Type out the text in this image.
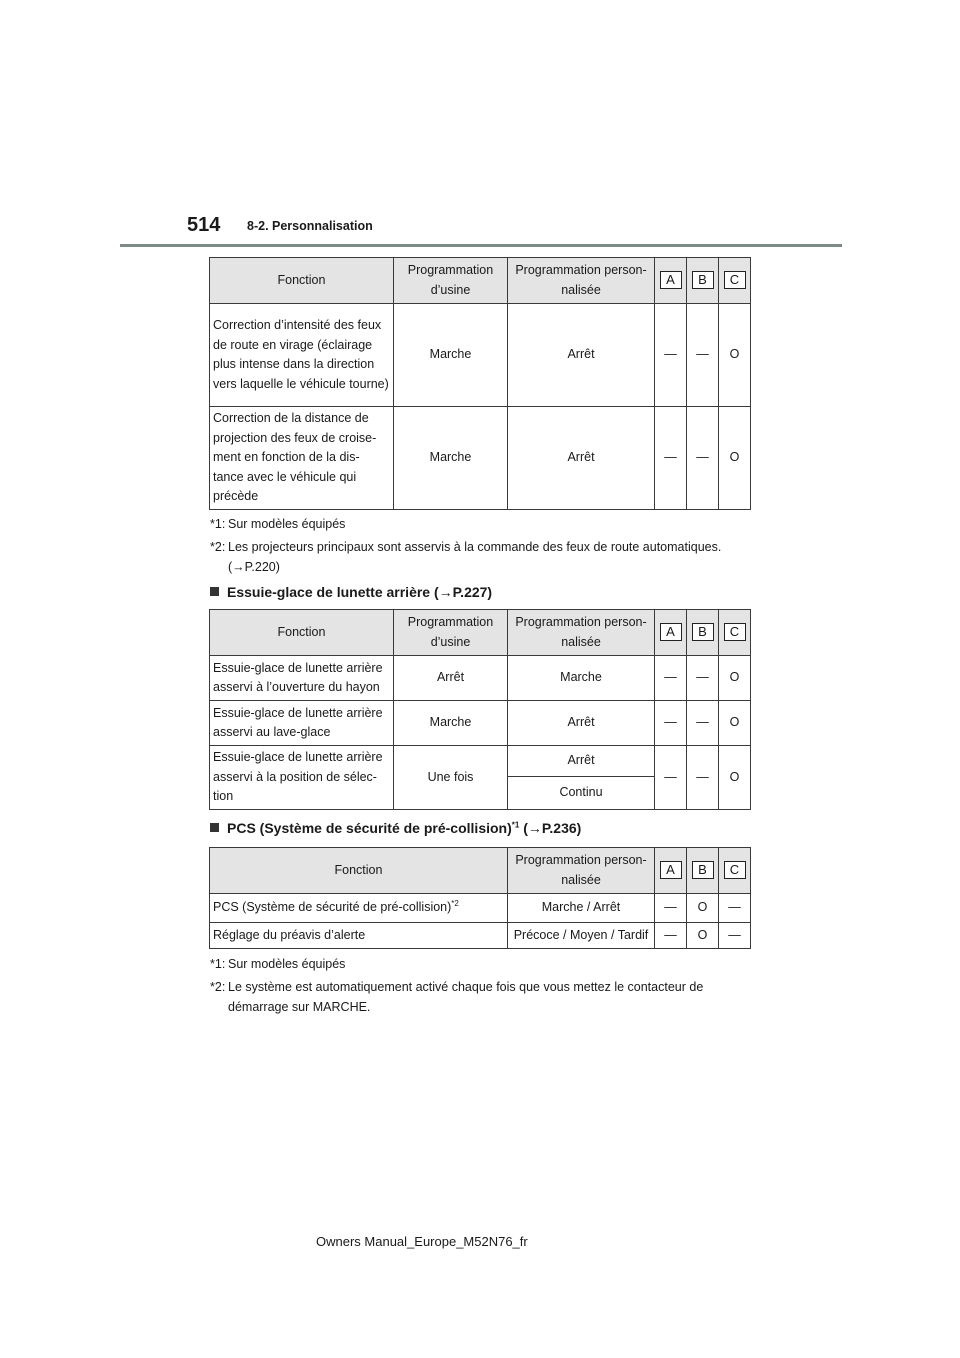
514 8-2. Personnalisation
Fonction	Programmation d’usine	Programmation person- nalisée	A	B	C
Correction d’intensité des feux de route en virage (éclairage plus intense dans la direction vers laquelle le véhicule tourne)	Marche	Arrêt	—	—	O
Correction de la distance de projection des feux de croise- ment en fonction de la dis- tance avec le véhicule qui précède	Marche	Arrêt	—	—	O
*1: Sur modèles équipés
*2: Les projecteurs principaux sont asservis à la commande des feux de route automatiques. (→P.220)
Essuie-glace de lunette arrière (→P.227)
Fonction	Programmation d’usine	Programmation person- nalisée	A	B	C
Essuie-glace de lunette arrière asservi à l’ouverture du hayon	Arrêt	Marche	—	—	O
Essuie-glace de lunette arrière asservi au lave-glace	Marche	Arrêt	—	—	O
Essuie-glace de lunette arrière asservi à la position de sélec- tion	Une fois	Arrêt	—	—	O
		Continu			
PCS (Système de sécurité de pré-collision)$^{*1}$ (→P.236)
Fonction	Programmation person- nalisée	A	B	C
PCS (Système de sécurité de pré-collision)$^{*2}$	Marche / Arrêt	—	O	—
Réglage du préavis d’alerte	Précoce / Moyen / Tardif	—	O	—
*1: Sur modèles équipés
*2: Le système est automatiquement activé chaque fois que vous mettez le contacteur de démarrage sur MARCHE.
Owners Manual_Europe_M52N76_fr
